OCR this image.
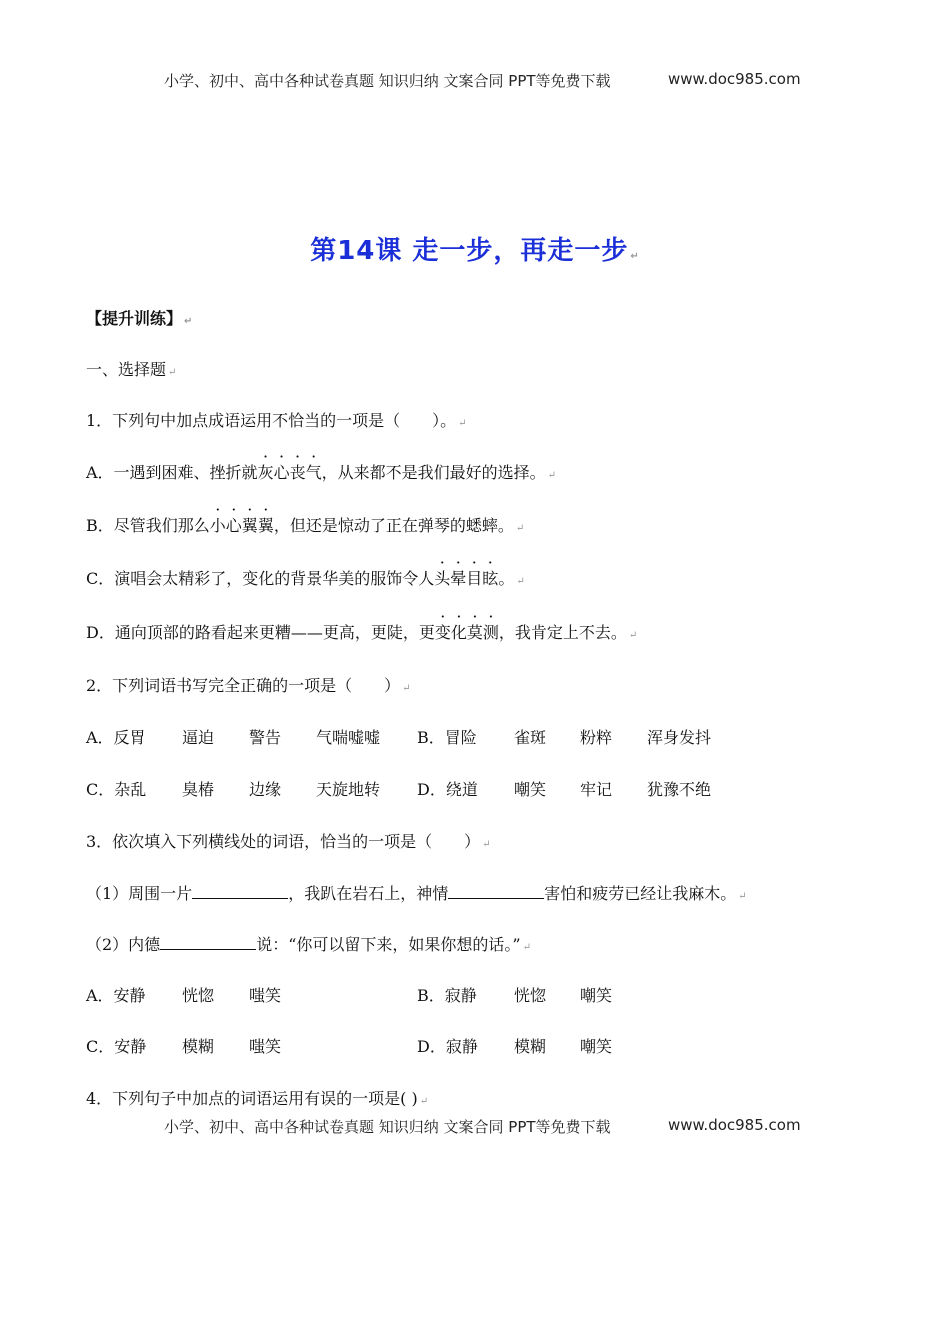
小学、初中、高中各种试卷真题 知识归纳 文案合同 PPT等免费下载	www.doc985.com
第14课 走一步，再走一步 ↵
【提升训练】 ↵
一、选择题 ↵
1．下列句中加点成语运用不恰当的一项是（　　）。 ↵
A．一遇到困难、挫折就灰心丧气，从来都不是我们最好的选择。 ↵
B．尽管我们那么小心翼翼，但还是惊动了正在弹琴的蟋蟀。 ↵
C．演唱会太精彩了，变化的背景华美的服饰令人头晕目眩。 ↵
D．通向顶部的路看起来更糟——更高，更陡，更变化莫测，我肯定上不去。 ↵
2．下列词语书写完全正确的一项是（　　） ↵
A．反胃 逼迫 警告 气喘嘘嘘 B．冒险 雀斑 粉粹 浑身发抖
C．杂乱 臭椿 边缘 天旋地转 D．绕道 嘲笑 牢记 犹豫不绝
3．依次填入下列横线处的词语，恰当的一项是（　　） ↵
（1）周围一片	，我趴在岩石上，神情	害怕和疲劳已经让我麻木。 ↵
（2）内德	说：“你可以留下来，如果你想的话。” ↵
A．安静 恍惚 嗤笑	B．寂静 恍惚 嘲笑
C．安静 模糊 嗤笑	D．寂静 模糊 嘲笑
4．下列句子中加点的词语运用有误的一项是( ) ↵
小学、初中、高中各种试卷真题 知识归纳 文案合同 PPT等免费下载	www.doc985.com
